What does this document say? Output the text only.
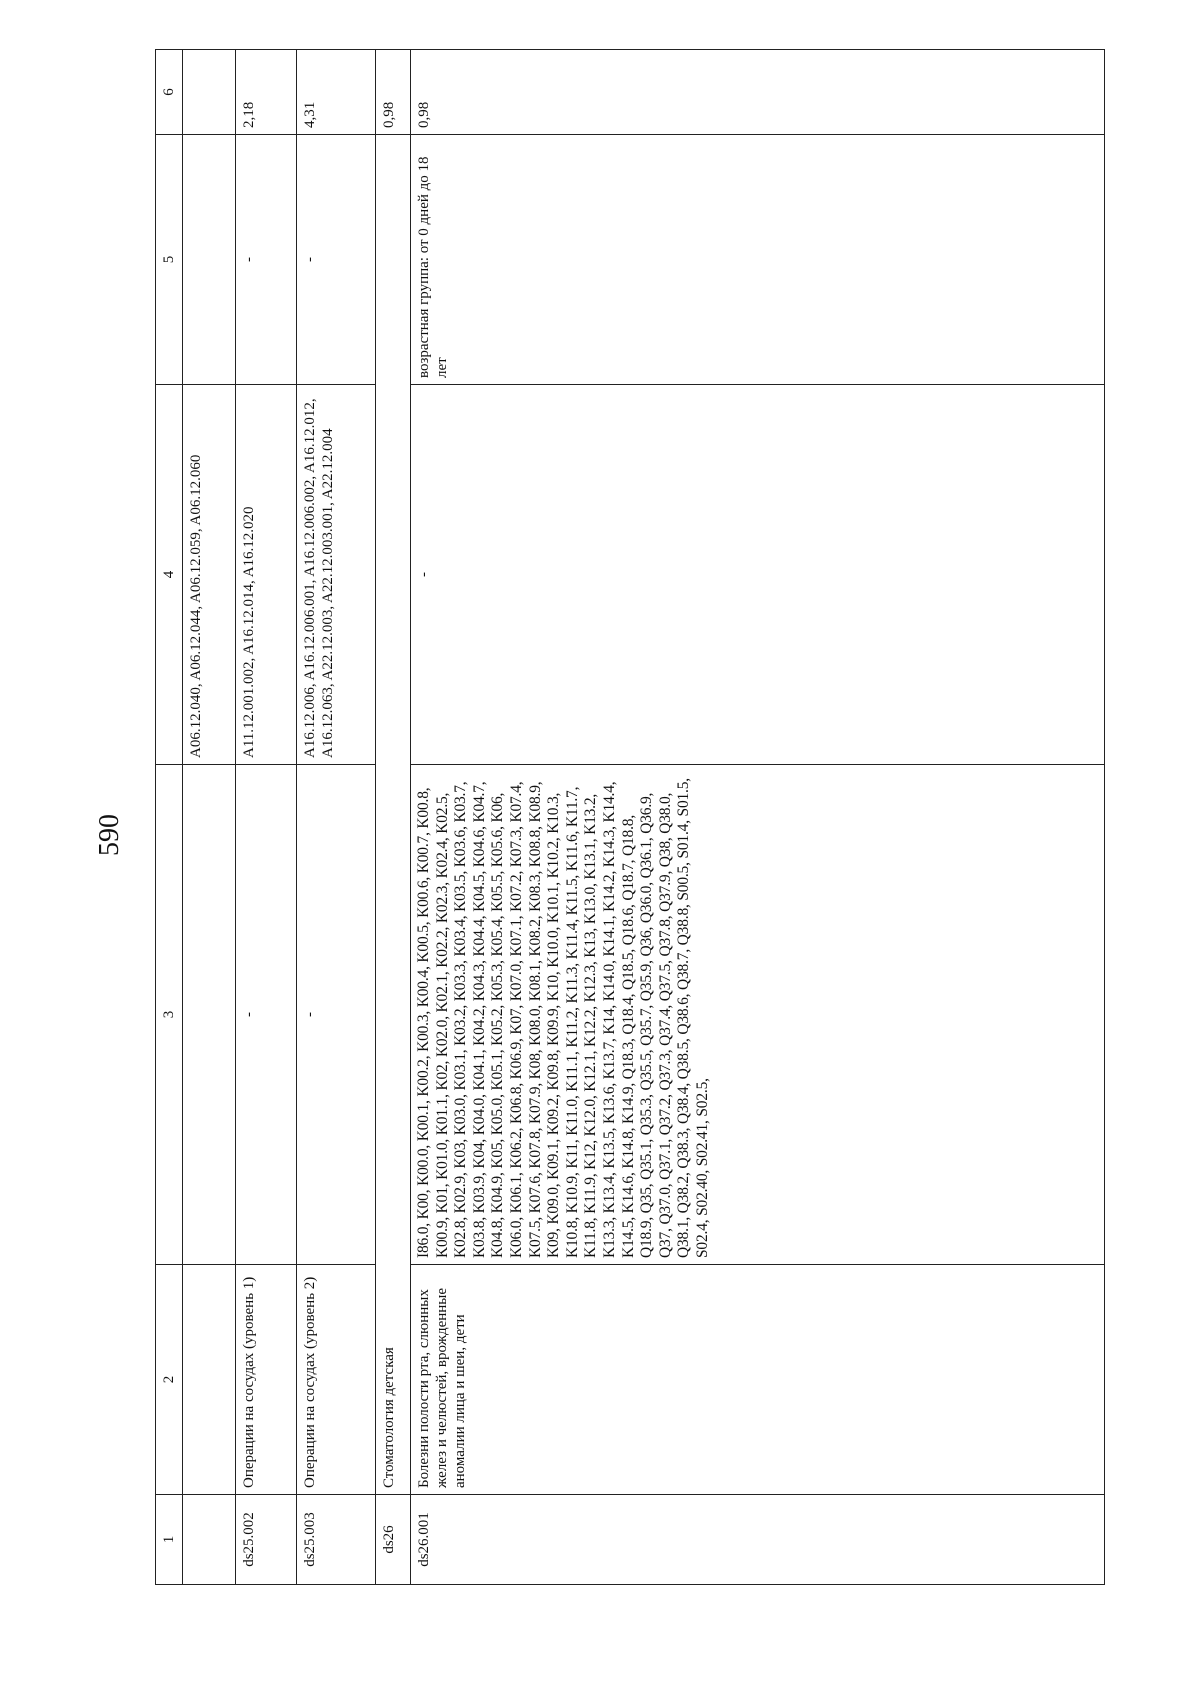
590
1	2	3	4	5	6
			A06.12.040, A06.12.044, A06.12.059, A06.12.060		
ds25.002	Операции на сосудах (уровень 1)	-	A11.12.001.002, A16.12.014, A16.12.020	-	2,18
ds25.003	Операции на сосудах (уровень 2)	-	A16.12.006, A16.12.006.001, A16.12.006.002, A16.12.012, A16.12.063, A22.12.003, A22.12.003.001, A22.12.004	-	4,31
ds26	Стоматология детская				0,98
ds26.001	Болезни полости рта, слюнных желез и челюстей, врожденные аномалии лица и шеи, дети	I86.0, K00, K00.0, K00.1, K00.2, K00.3, K00.4, K00.5, K00.6, K00.7, K00.8, K00.9, K01, K01.0, K01.1, K02, K02.0, K02.1, K02.2, K02.3, K02.4, K02.5, K02.8, K02.9, K03, K03.0, K03.1, K03.2, K03.3, K03.4, K03.5, K03.6, K03.7, K03.8, K03.9, K04, K04.0, K04.1, K04.2, K04.3, K04.4, K04.5, K04.6, K04.7, K04.8, K04.9, K05, K05.0, K05.1, K05.2, K05.3, K05.4, K05.5, K05.6, K06, K06.0, K06.1, K06.2, K06.8, K06.9, K07, K07.0, K07.1, K07.2, K07.3, K07.4, K07.5, K07.6, K07.8, K07.9, K08, K08.0, K08.1, K08.2, K08.3, K08.8, K08.9, K09, K09.0, K09.1, K09.2, K09.8, K09.9, K10, K10.0, K10.1, K10.2, K10.3, K10.8, K10.9, K11, K11.0, K11.1, K11.2, K11.3, K11.4, K11.5, K11.6, K11.7, K11.8, K11.9, K12, K12.0, K12.1, K12.2, K12.3, K13, K13.0, K13.1, K13.2, K13.3, K13.4, K13.5, K13.6, K13.7, K14, K14.0, K14.1, K14.2, K14.3, K14.4, K14.5, K14.6, K14.8, K14.9, Q18.3, Q18.4, Q18.5, Q18.6, Q18.7, Q18.8, Q18.9, Q35, Q35.1, Q35.3, Q35.5, Q35.7, Q35.9, Q36, Q36.0, Q36.1, Q36.9, Q37, Q37.0, Q37.1, Q37.2, Q37.3, Q37.4, Q37.5, Q37.8, Q37.9, Q38, Q38.0, Q38.1, Q38.2, Q38.3, Q38.4, Q38.5, Q38.6, Q38.7, Q38.8, S00.5, S01.4, S01.5, S02.4, S02.40, S02.41, S02.5,	-	возрастная группа: от 0 дней до 18 лет	0,98
